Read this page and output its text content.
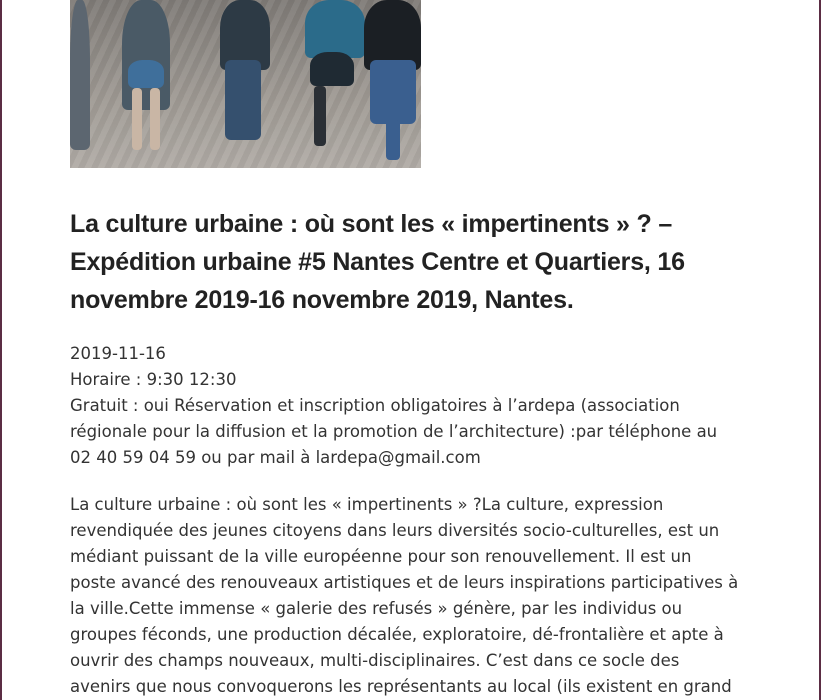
La culture urbaine : où sont les « impertinents » ? –
Expédition urbaine #5 Nantes Centre et Quartiers, 16
novembre 2019-16 novembre 2019, Nantes.
2019-11-16
Horaire : 9:30 12:30
Gratuit : oui Réservation et inscription obligatoires à l’ardepa (association
régionale pour la diffusion et la promotion de l’architecture) :par téléphone au
02 40 59 04 59 ou par mail à lardepa@gmail.com
La culture urbaine : où sont les « impertinents » ?La culture, expression
revendiquée des jeunes citoyens dans leurs diversités socio-culturelles, est un
médiant puissant de la ville européenne pour son renouvellement. Il est un
poste avancé des renouveaux artistiques et de leurs inspirations participatives à
la ville.Cette immense « galerie des refusés » génère, par les individus ou
groupes féconds, une production décalée, exploratoire, dé-frontalière et apte à
ouvrir des champs nouveaux, multi-disciplinaires. C’est dans ce socle des
avenirs que nous convoquerons les représentants au local (ils existent en grand
